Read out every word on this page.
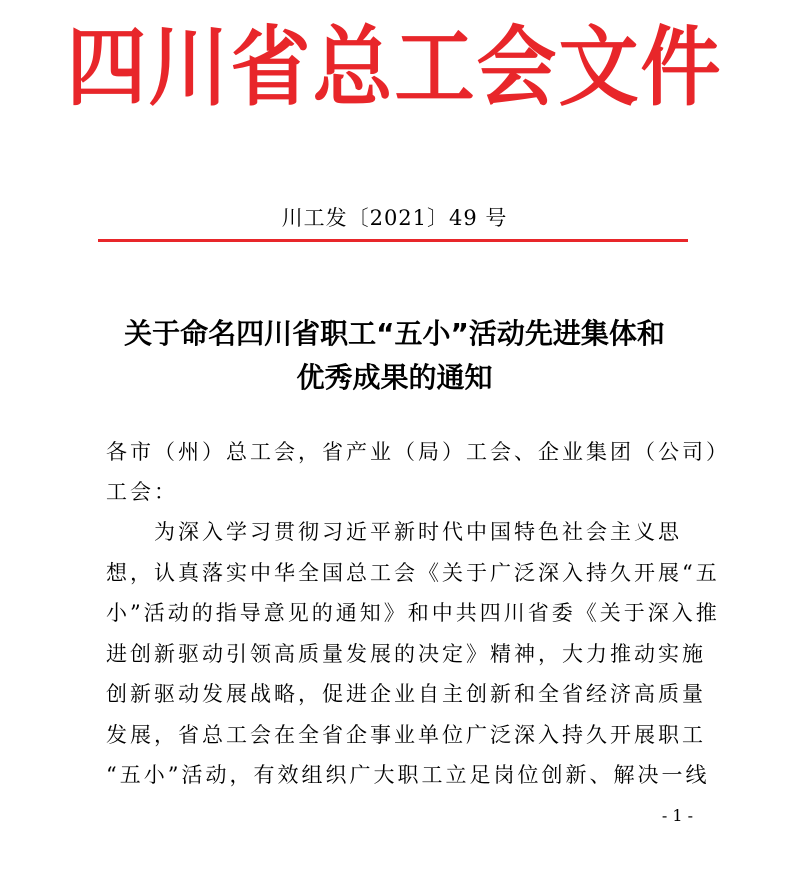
四川省总工会文件
川工发〔2021〕49 号
关于命名四川省职工“五小”活动先进集体和
优秀成果的通知
各市（州）总工会，省产业（局）工会、企业集团（公司）
工会：
　　为深入学习贯彻习近平新时代中国特色社会主义思
想，认真落实中华全国总工会《关于广泛深入持久开展“五
小”活动的指导意见的通知》和中共四川省委《关于深入推
进创新驱动引领高质量发展的决定》精神，大力推动实施
创新驱动发展战略，促进企业自主创新和全省经济高质量
发展，省总工会在全省企事业单位广泛深入持久开展职工
“五小”活动，有效组织广大职工立足岗位创新、解决一线
- 1 -
